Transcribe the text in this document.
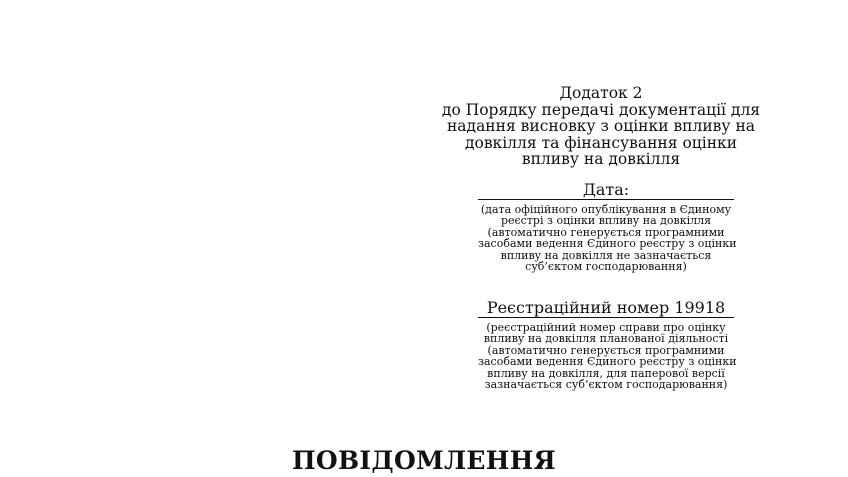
Додаток 2
до Порядку передачі документації для
надання висновку з оцінки впливу на
довкілля та фінансування оцінки
впливу на довкілля
Дата:
(дата офіційного опублікування в Єдиному
реєстрі з оцінки впливу на довкілля
(автоматично генерується програмними
засобами ведення Єдиного реєстру з оцінки
впливу на довкілля не зазначається
суб’єктом господарювання)
Реєстраційний номер 19918
(реєстраційний номер справи про оцінку
впливу на довкілля планованої діяльності
(автоматично генерується програмними
засобами ведення Єдиного реєстру з оцінки
впливу на довкілля, для паперової версії
зазначається суб’єктом господарювання)
ПОВІДОМЛЕННЯ
